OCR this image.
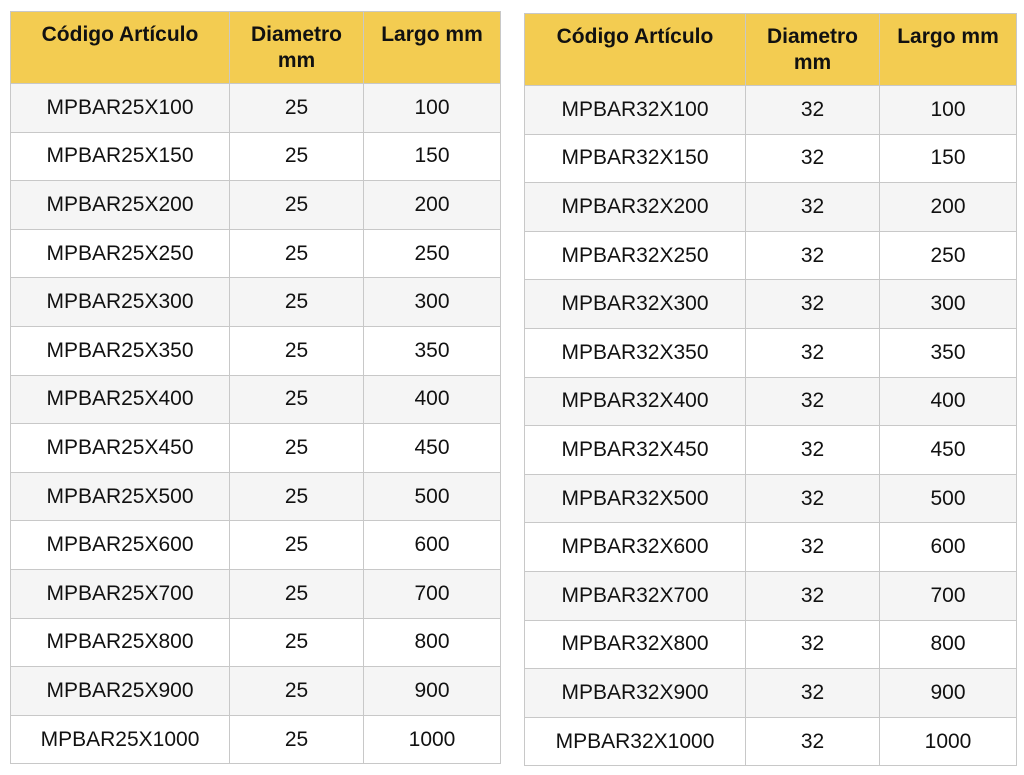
Código Artículo	Diametro mm	Largo mm
MPBAR25X100	25	100
MPBAR25X150	25	150
MPBAR25X200	25	200
MPBAR25X250	25	250
MPBAR25X300	25	300
MPBAR25X350	25	350
MPBAR25X400	25	400
MPBAR25X450	25	450
MPBAR25X500	25	500
MPBAR25X600	25	600
MPBAR25X700	25	700
MPBAR25X800	25	800
MPBAR25X900	25	900
MPBAR25X1000	25	1000
Código Artículo	Diametro mm	Largo mm
MPBAR32X100	32	100
MPBAR32X150	32	150
MPBAR32X200	32	200
MPBAR32X250	32	250
MPBAR32X300	32	300
MPBAR32X350	32	350
MPBAR32X400	32	400
MPBAR32X450	32	450
MPBAR32X500	32	500
MPBAR32X600	32	600
MPBAR32X700	32	700
MPBAR32X800	32	800
MPBAR32X900	32	900
MPBAR32X1000	32	1000
